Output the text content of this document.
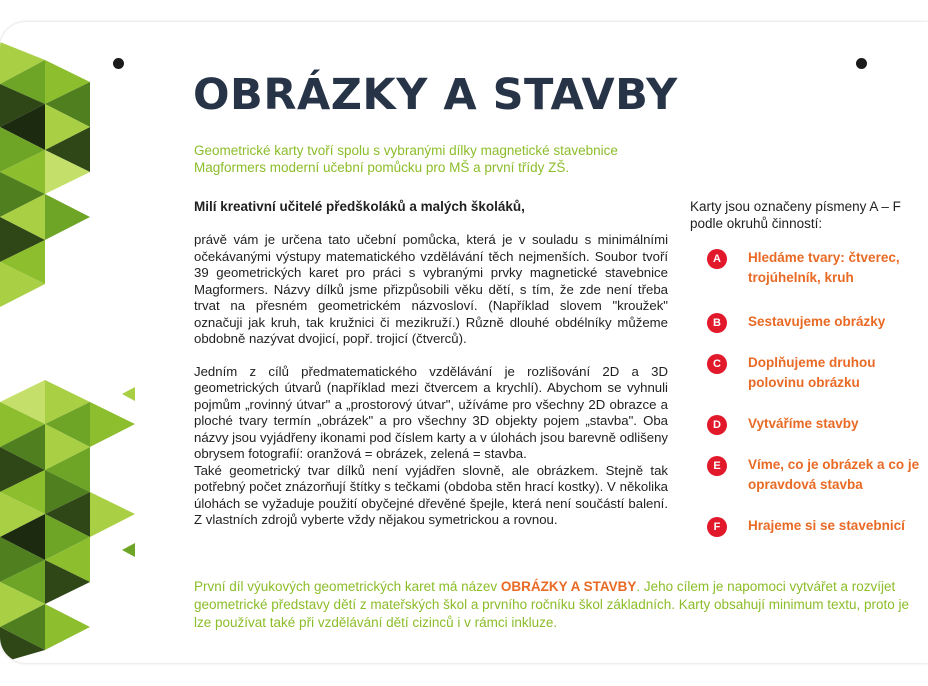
OBRÁZKY A STAVBY

Geometrické karty tvoří spolu s vybranými dílky magnetické stavebnice Magformers moderní učební pomůcku pro MŠ a první třídy ZŠ.

Milí kreativní učitelé předškoláků a malých školáků,

právě vám je určena tato učební pomůcka, která je v souladu s minimálními očekávanými výstupy matematického vzdělávání těch nejmenších. Soubor tvoří 39 geometrických karet pro práci s vybranými prvky magnetické stavebnice Magformers. Názvy dílků jsme přizpůsobili věku dětí, s tím, že zde není třeba trvat na přesném geometrickém názvosloví. (Například slovem "kroužek" označuji jak kruh, tak kružnici či mezikruží.) Různě dlouhé obdélníky můžeme obdobně nazývat dvojicí, popř. trojicí (čtverců).

Jedním z cílů předmatematického vzdělávání je rozlišování 2D a 3D geometrických útvarů (například mezi čtvercem a krychlí). Abychom se vyhnuli pojmům „rovinný útvar" a „prostorový útvar", užíváme pro všechny 2D obrazce a ploché tvary termín „obrázek" a pro všechny 3D objekty pojem „stavba". Oba názvy jsou vyjádřeny ikonami pod číslem karty a v úlohách jsou barevně odlišeny obrysem fotografií: oranžová = obrázek, zelená = stavba.

Také geometrický tvar dílků není vyjádřen slovně, ale obrázkem. Stejně tak potřebný počet znázorňují štítky s tečkami (obdoba stěn hrací kostky). V několika úlohách se vyžaduje použití obyčejné dřevěné špejle, která není součástí balení. Z vlastních zdrojů vyberte vždy nějakou symetrickou a rovnou.

Karty jsou označeny písmeny A – F podle okruhů činností:

A	Hledáme tvary: čtverec, trojúhelník, kruh
B	Sestavujeme obrázky
C	Doplňujeme druhou polovinu obrázku
D	Vytváříme stavby
E	Víme, co je obrázek a co je opravdová stavba
F	Hrajeme si se stavebnicí

První díl výukových geometrických karet má název OBRÁZKY A STAVBY. Jeho cílem je napomoci vytvářet a rozvíjet geometrické představy dětí z mateřských škol a prvního ročníku škol základních. Karty obsahují minimum textu, proto je lze používat také při vzdělávání dětí cizinců i v rámci inkluze.
